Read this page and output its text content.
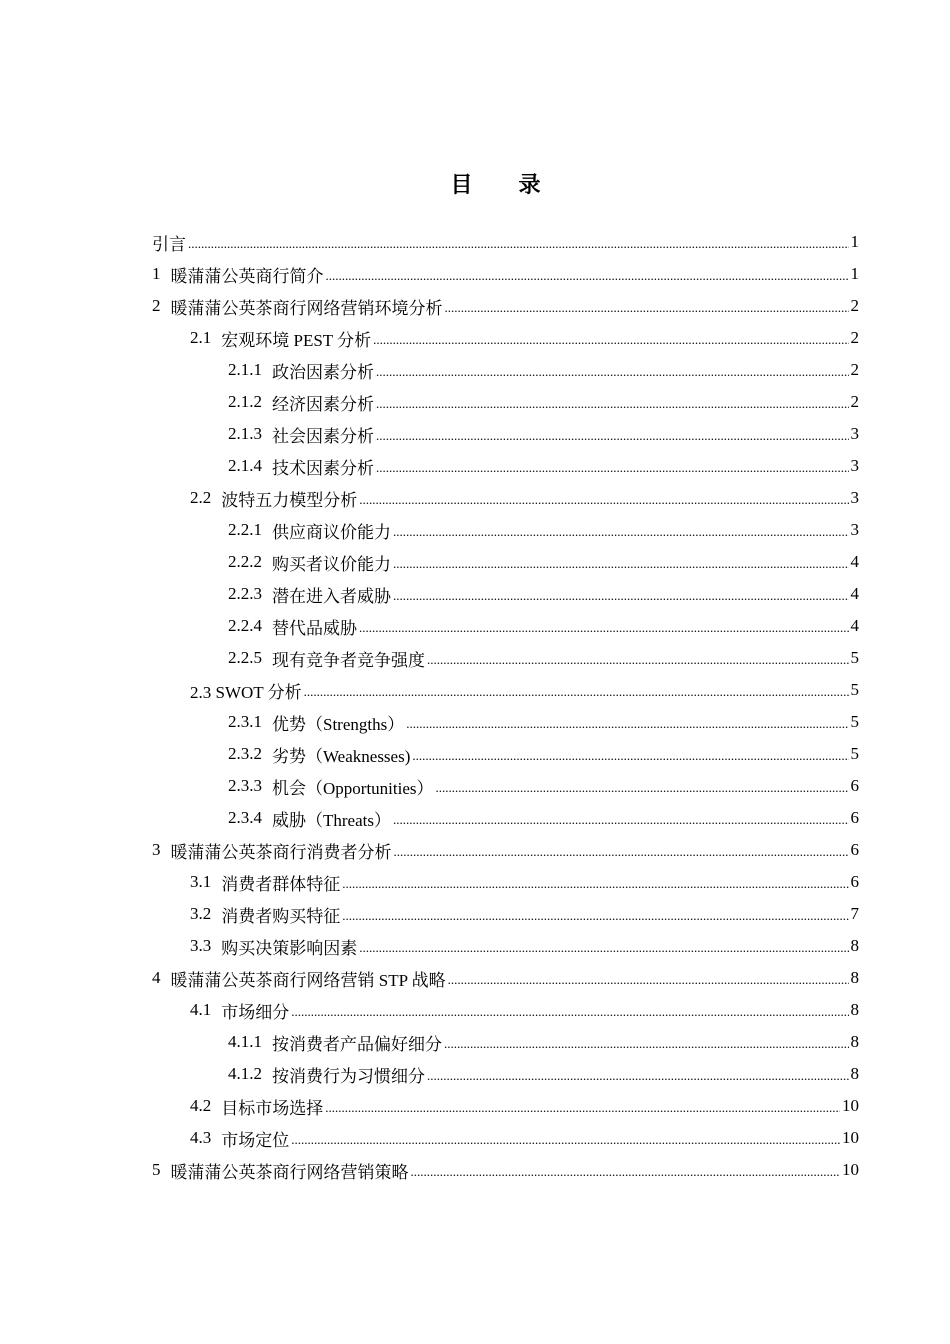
目　录
引言 .....	1
1 暖蒲蒲公英商行简介 .....	1
2 暖蒲蒲公英茶商行网络营销环境分析 .....	2
2.1 宏观环境 PEST 分析 .....	2
2.1.1 政治因素分析 .....	2
2.1.2 经济因素分析 .....	2
2.1.3 社会因素分析 .....	3
2.1.4 技术因素分析 .....	3
2.2 波特五力模型分析 .....	3
2.2.1 供应商议价能力 .....	3
2.2.2 购买者议价能力 .....	4
2.2.3 潜在进入者威胁 .....	4
2.2.4 替代品威胁 .....	4
2.2.5 现有竞争者竞争强度 .....	5
2.3 SWOT 分析 .....	5
2.3.1 优势（Strengths） .....	5
2.3.2 劣势（Weaknesses) .....	5
2.3.3 机会（Opportunities） .....	6
2.3.4 威胁（Threats） .....	6
3 暖蒲蒲公英茶商行消费者分析 .....	6
3.1 消费者群体特征 .....	6
3.2 消费者购买特征 .....	7
3.3 购买决策影响因素 .....	8
4 暖蒲蒲公英茶商行网络营销 STP 战略 .....	8
4.1 市场细分 .....	8
4.1.1 按消费者产品偏好细分 .....	8
4.1.2 按消费行为习惯细分 .....	8
4.2 目标市场选择 .....	10
4.3 市场定位 .....	10
5 暖蒲蒲公英茶商行网络营销策略 .....	10
